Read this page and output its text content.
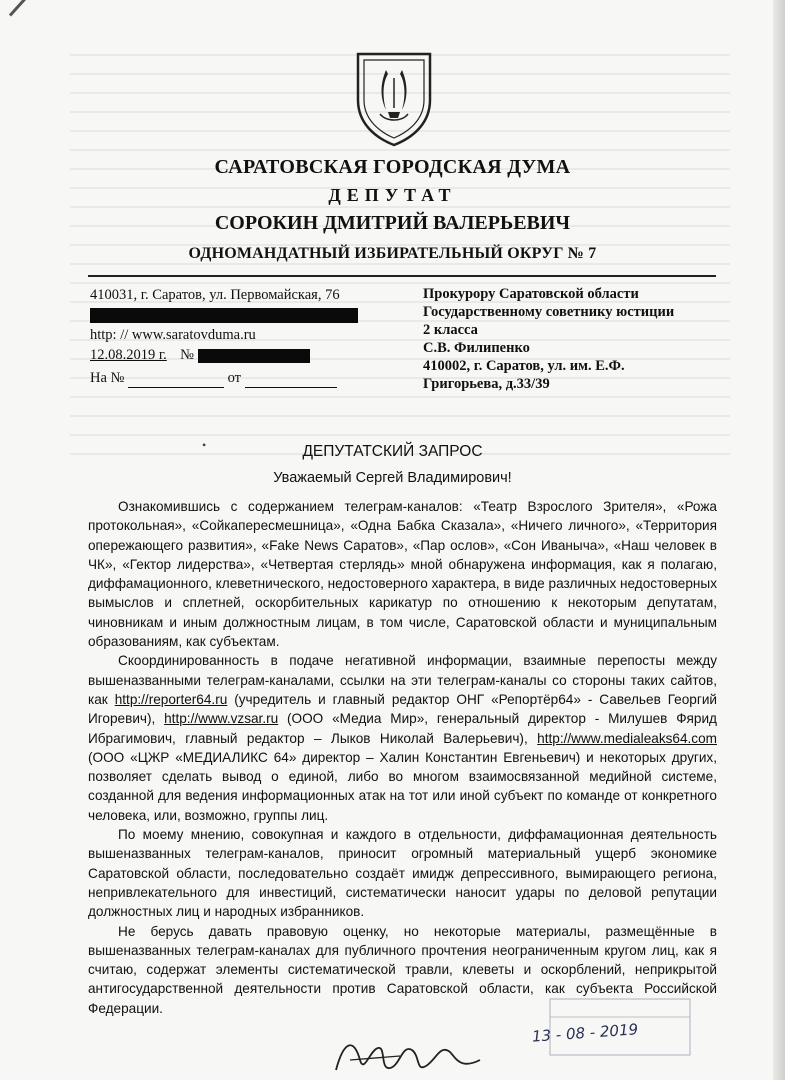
САРАТОВСКАЯ ГОРОДСКАЯ ДУМА
ДЕПУТАТ
СОРОКИН ДМИТРИЙ ВАЛЕРЬЕВИЧ
ОДНОМАНДАТНЫЙ ИЗБИРАТЕЛЬНЫЙ ОКРУГ № 7
410031, г. Саратов, ул. Первомайская, 76
http: // www.saratovduma.ru
12.08.2019 г. №
На №	от
Прокурору Саратовской области
Государственному советнику юстиции
2 класса
С.В. Филипенко
410002, г. Саратов, ул. им. Е.Ф.
Григорьева, д.33/39
•	ДЕПУТАТСКИЙ ЗАПРОС
Уважаемый Сергей Владимирович!

Ознакомившись с содержанием телеграм-каналов: «Театр Взрослого Зрителя», «Рожа протокольная», «Сойкапересмешница», «Одна Бабка Сказала», «Ничего личного», «Территория опережающего развития», «Fake News Саратов», «Пар ослов», «Сон Иваныча», «Наш человек в ЧК», «Гектор лидерства», «Четвертая стерлядь» мной обнаружена информация, как я полагаю, диффамационного, клеветнического, недостоверного характера, в виде различных недостоверных вымыслов и сплетней, оскорбительных карикатур по отношению к некоторым депутатам, чиновникам и иным должностным лицам, в том числе, Саратовской области и муниципальным образованиям, как субъектам.

Скоординированность в подаче негативной информации, взаимные перепосты между вышеназванными телеграм-каналами, ссылки на эти телеграм-каналы со стороны таких сайтов, как http://reporter64.ru (учредитель и главный редактор ОНГ «Репортёр64» - Савельев Георгий Игоревич), http://www.vzsar.ru (ООО «Медиа Мир», генеральный директор - Милушев Фярид Ибрагимович, главный редактор – Лыков Николай Валерьевич), http://www.medialeaks64.com (ООО «ЦЖР «МЕДИАЛИКС 64» директор – Халин Константин Евгеньевич) и некоторых других, позволяет сделать вывод о единой, либо во многом взаимосвязанной медийной системе, созданной для ведения информационных атак на тот или иной субъект по команде от конкретного человека, или, возможно, группы лиц.

По моему мнению, совокупная и каждого в отдельности, диффамационная деятельность вышеназванных телеграм-каналов, приносит огромный материальный ущерб экономике Саратовской области, последовательно создаёт имидж депрессивного, вымирающего региона, непривлекательного для инвестиций, систематически наносит удары по деловой репутации должностных лиц и народных избранников.

Не берусь давать правовую оценку, но некоторые материалы, размещённые в вышеназванных телеграм-каналах для публичного прочтения неограниченным кругом лиц, как я считаю, содержат элементы систематической травли, клеветы и оскорблений, неприкрытой антигосударственной деятельности против Саратовской области, как субъекта Российской Федерации.

13 - 08 - 2019
